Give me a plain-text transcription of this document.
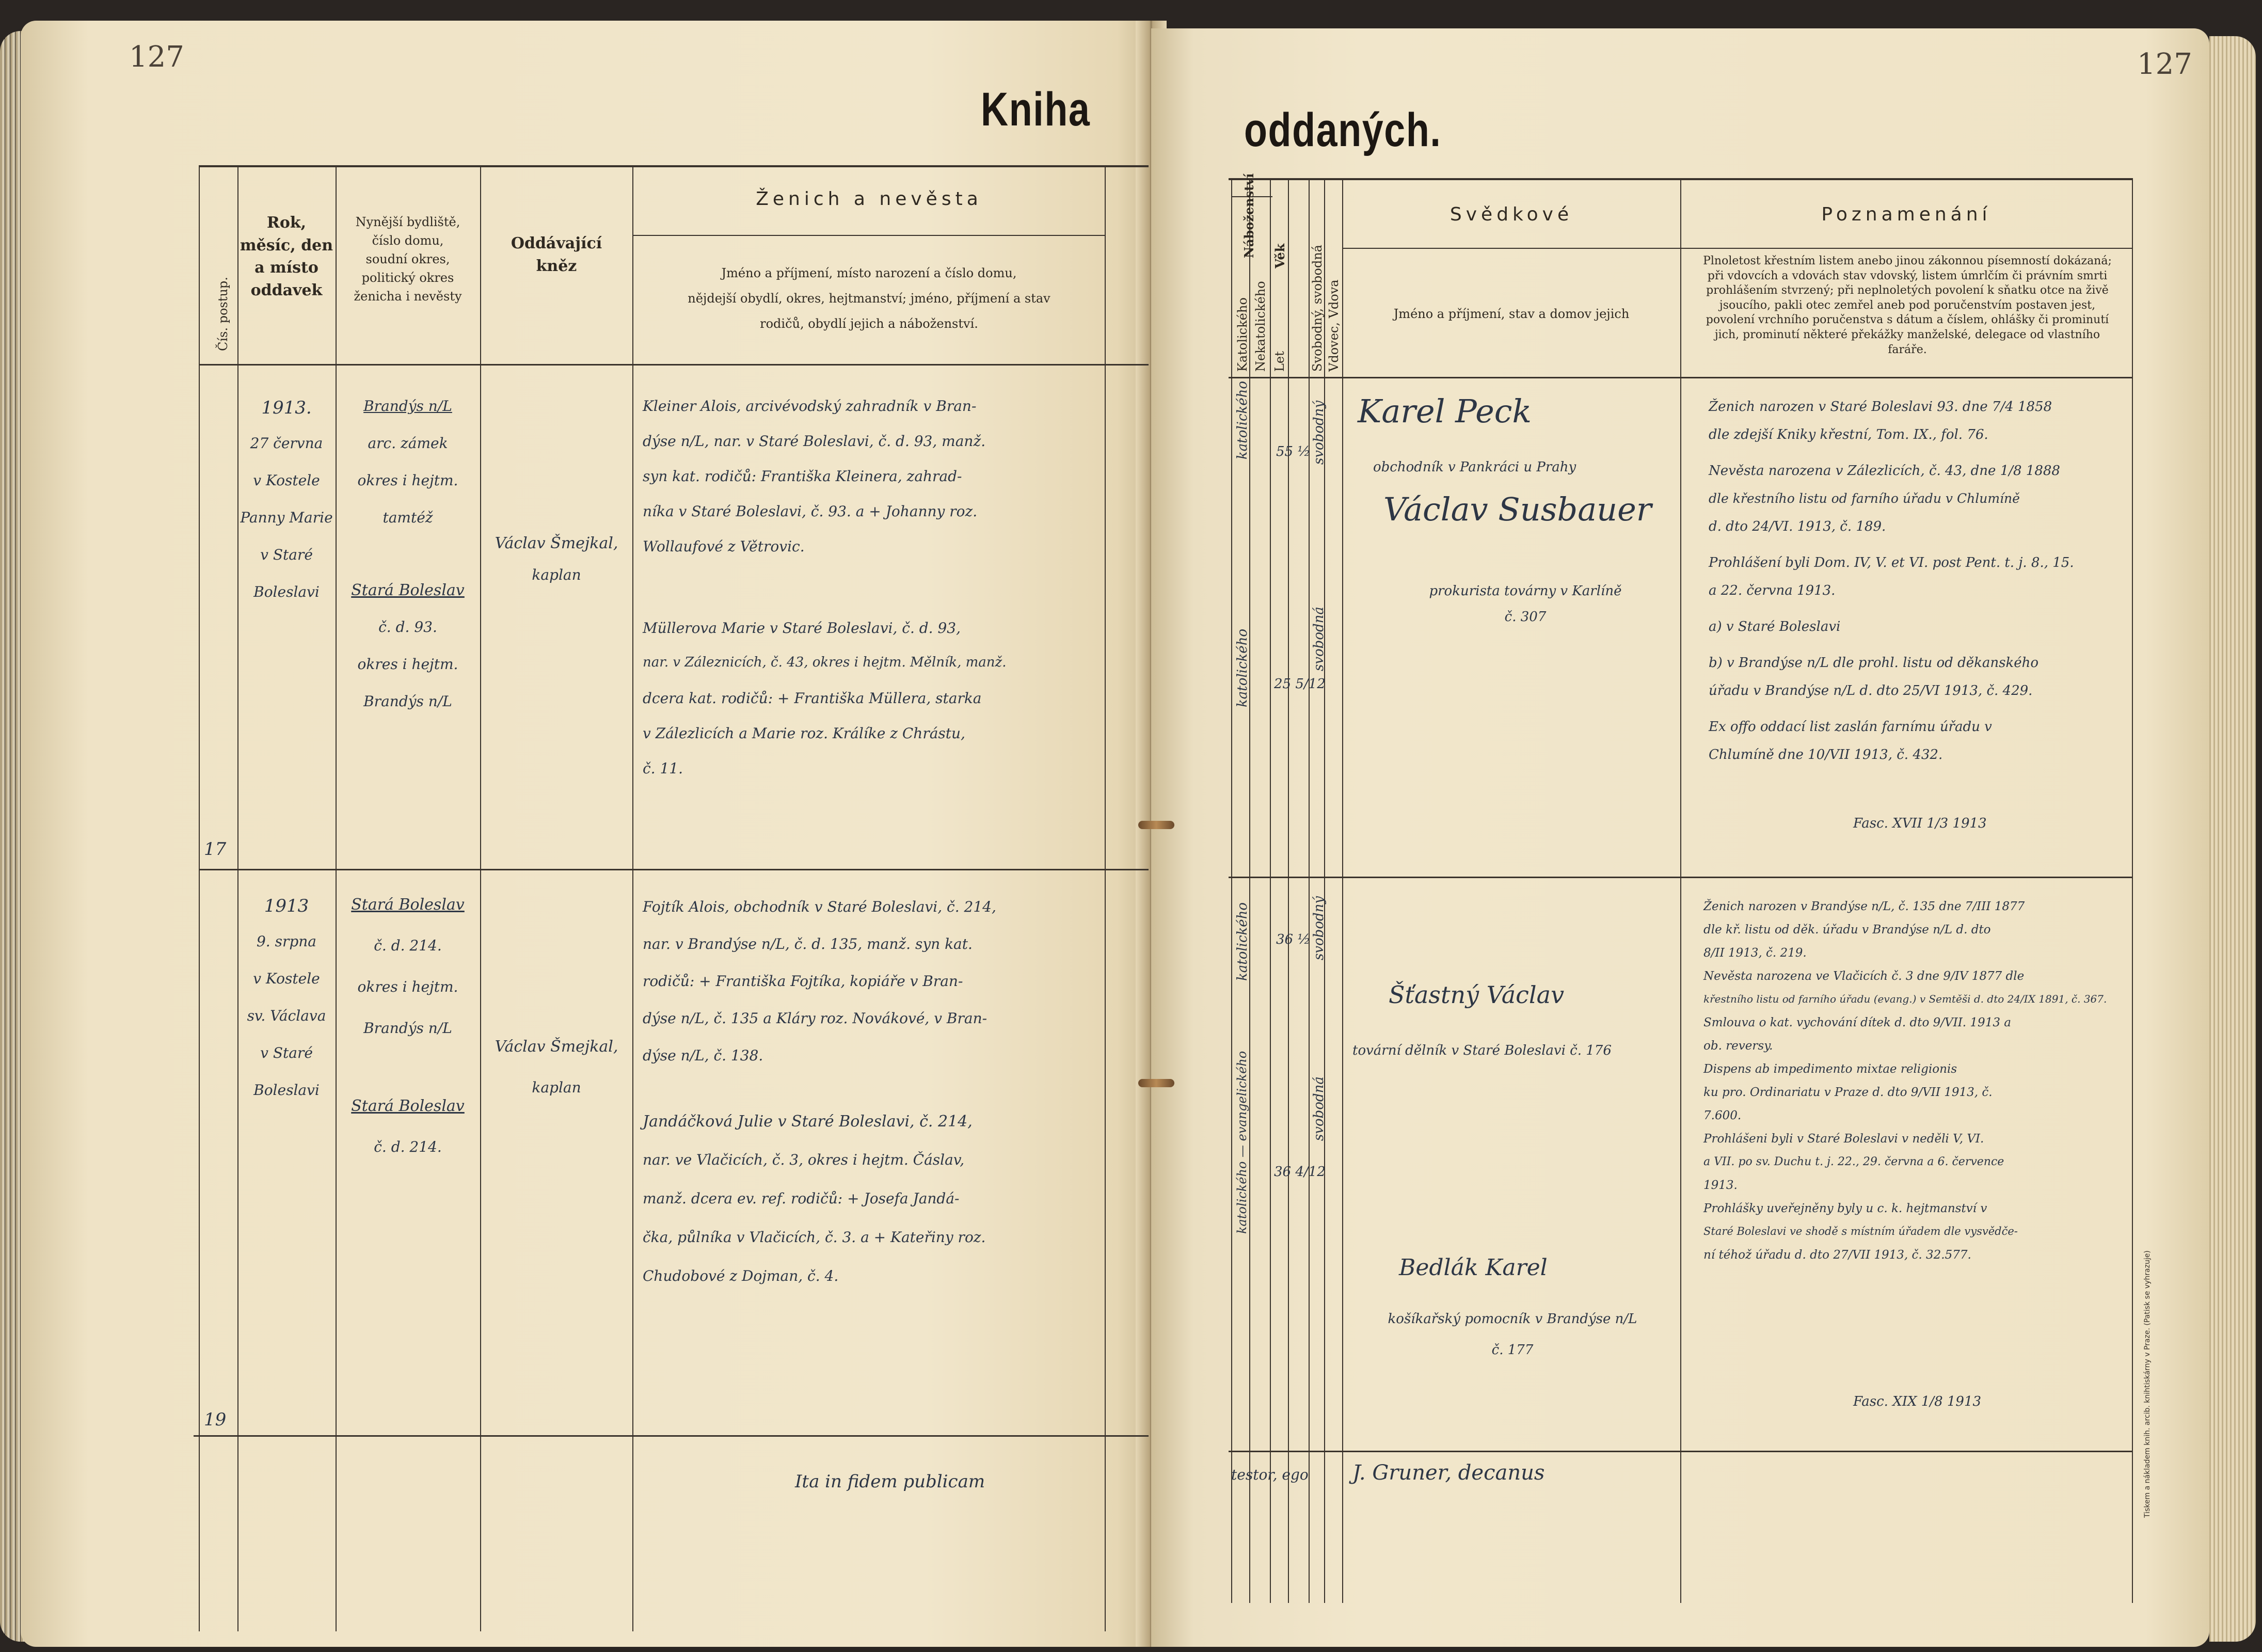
127
Kniha
Čís. postup.
Rok,
měsíc, den
a místo
oddavek
Nynější bydliště,
číslo domu,
soudní okres,
politický okres
ženicha i nevěsty
Oddávající
kněz
Ženich a nevěsta
Jméno a příjmení, místo narození a číslo domu,
nějdejší obydlí, okres, hejtmanství; jméno, příjmení a stav
rodičů, obydlí jejich a náboženství.
17
1913.
27 června
v Kostele
Panny Marie
v Staré
Boleslavi
Brandýs n/L
arc. zámek
okres i hejtm.
tamtéž
Stará Boleslav
č. d. 93.
okres i hejtm.
Brandýs n/L
Václav Šmejkal,
kaplan
Kleiner Alois, arcivévodský zahradník v Bran-
dýse n/L, nar. v Staré Boleslavi, č. d. 93, manž.
syn kat. rodičů: Františka Kleinera, zahrad-
níka v Staré Boleslavi, č. 93. a + Johanny roz.
Wollaufové z Větrovic.
Müllerova Marie v Staré Boleslavi, č. d. 93,
nar. v Záleznicích, č. 43, okres i hejtm. Mělník, manž.
dcera kat. rodičů: + Františka Müllera, starka
v Zálezlicích a Marie roz. Králíke z Chrástu,
č. 11.
19
1913
9. srpna
v Kostele
sv. Václava
v Staré
Boleslavi
Stará Boleslav
č. d. 214.
okres i hejtm.
Brandýs n/L
Stará Boleslav
č. d. 214.
Václav Šmejkal,
kaplan
Fojtík Alois, obchodník v Staré Boleslavi, č. 214,
nar. v Brandýse n/L, č. d. 135, manž. syn kat.
rodičů: + Františka Fojtíka, kopiáře v Bran-
dýse n/L, č. 135 a Kláry roz. Novákové, v Bran-
dýse n/L, č. 138.
Jandáčková Julie v Staré Boleslavi, č. 214,
nar. ve Vlačicích, č. 3, okres i hejtm. Čáslav,
manž. dcera ev. ref. rodičů: + Josefa Jandá-
čka, půlníka v Vlačicích, č. 3. a + Kateřiny roz.
Chudobové z Dojman, č. 4.
Ita in fidem publicam
127
oddaných.
Katolického Nekatolického
Náboženství
Let
Věk Svobodný, svobodná Vdovec, Vdova
Svědkové
Jméno a příjmení, stav a domov jejich
Poznamenání
Plnoletost křestním listem anebo jinou zákonnou písemností dokázaná; při vdovcích a vdovách stav vdovský, listem úmrlčím či právním smrti prohlášením stvrzený; při neplnoletých povolení k sňatku otce na živě jsoucího, pakli otec zemřel aneb pod poručenstvím postaven jest, povolení vrchního poručenstva s dátum a číslem, ohlášky či prominutí jich, prominutí některé překážky manželské, delegace od vlastního faráře.
katolického 55 ½ svobodný
katolického 25 5/12
svobodná
Karel Peck
obchodník v Pankráci u Prahy
Václav Susbauer
prokurista továrny v Karlíně
č. 307
Ženich narozen v Staré Boleslavi 93. dne 7/4 1858
dle zdejší Kniky křestní, Tom. IX., fol. 76.
Nevěsta narozena v Zálezlicích, č. 43, dne 1/8 1888
dle křestního listu od farního úřadu v Chlumíně
d. dto 24/VI. 1913, č. 189.
Prohlášení byli Dom. IV, V. et VI. post Pent. t. j. 8., 15.
a 22. června 1913.
a) v Staré Boleslavi
b) v Brandýse n/L dle prohl. listu od děkanského
úřadu v Brandýse n/L d. dto 25/VI 1913, č. 429.
Ex offo oddací list zaslán farnímu úřadu v
Chlumíně dne 10/VII 1913, č. 432.
Fasc. XVII 1/3 1913
katolického 36 ½ svobodný
katolického — evangelického 36 4/12
svobodná
Šťastný Václav
tovární dělník v Staré Boleslavi č. 176
Bedlák Karel
košíkařský pomocník v Brandýse n/L
č. 177
Ženich narozen v Brandýse n/L, č. 135 dne 7/III 1877
dle kř. listu od děk. úřadu v Brandýse n/L d. dto
8/II 1913, č. 219.
Nevěsta narozena ve Vlačicích č. 3 dne 9/IV 1877 dle
křestního listu od farního úřadu (evang.) v Semtěši d. dto 24/IX 1891, č. 367.
Smlouva o kat. vychování dítek d. dto 9/VII. 1913 a
ob. reversy.
Dispens ab impedimento mixtae religionis
ku pro. Ordinariatu v Praze d. dto 9/VII 1913, č.
7.600.
Prohlášeni byli v Staré Boleslavi v neděli V, VI.
a VII. po sv. Duchu t. j. 22., 29. června a 6. července
1913.
Prohlášky uveřejněny byly u c. k. hejtmanství v
Staré Boleslavi ve shodě s místním úřadem dle vysvědče-
ní téhož úřadu d. dto 27/VII 1913, č. 32.577.
Fasc. XIX 1/8 1913
testor, ego J. Gruner, decanus	Tiskem a nákladem knih. arcib. knihtiskárny v Praze. (Patisk se vyhrazuje)
